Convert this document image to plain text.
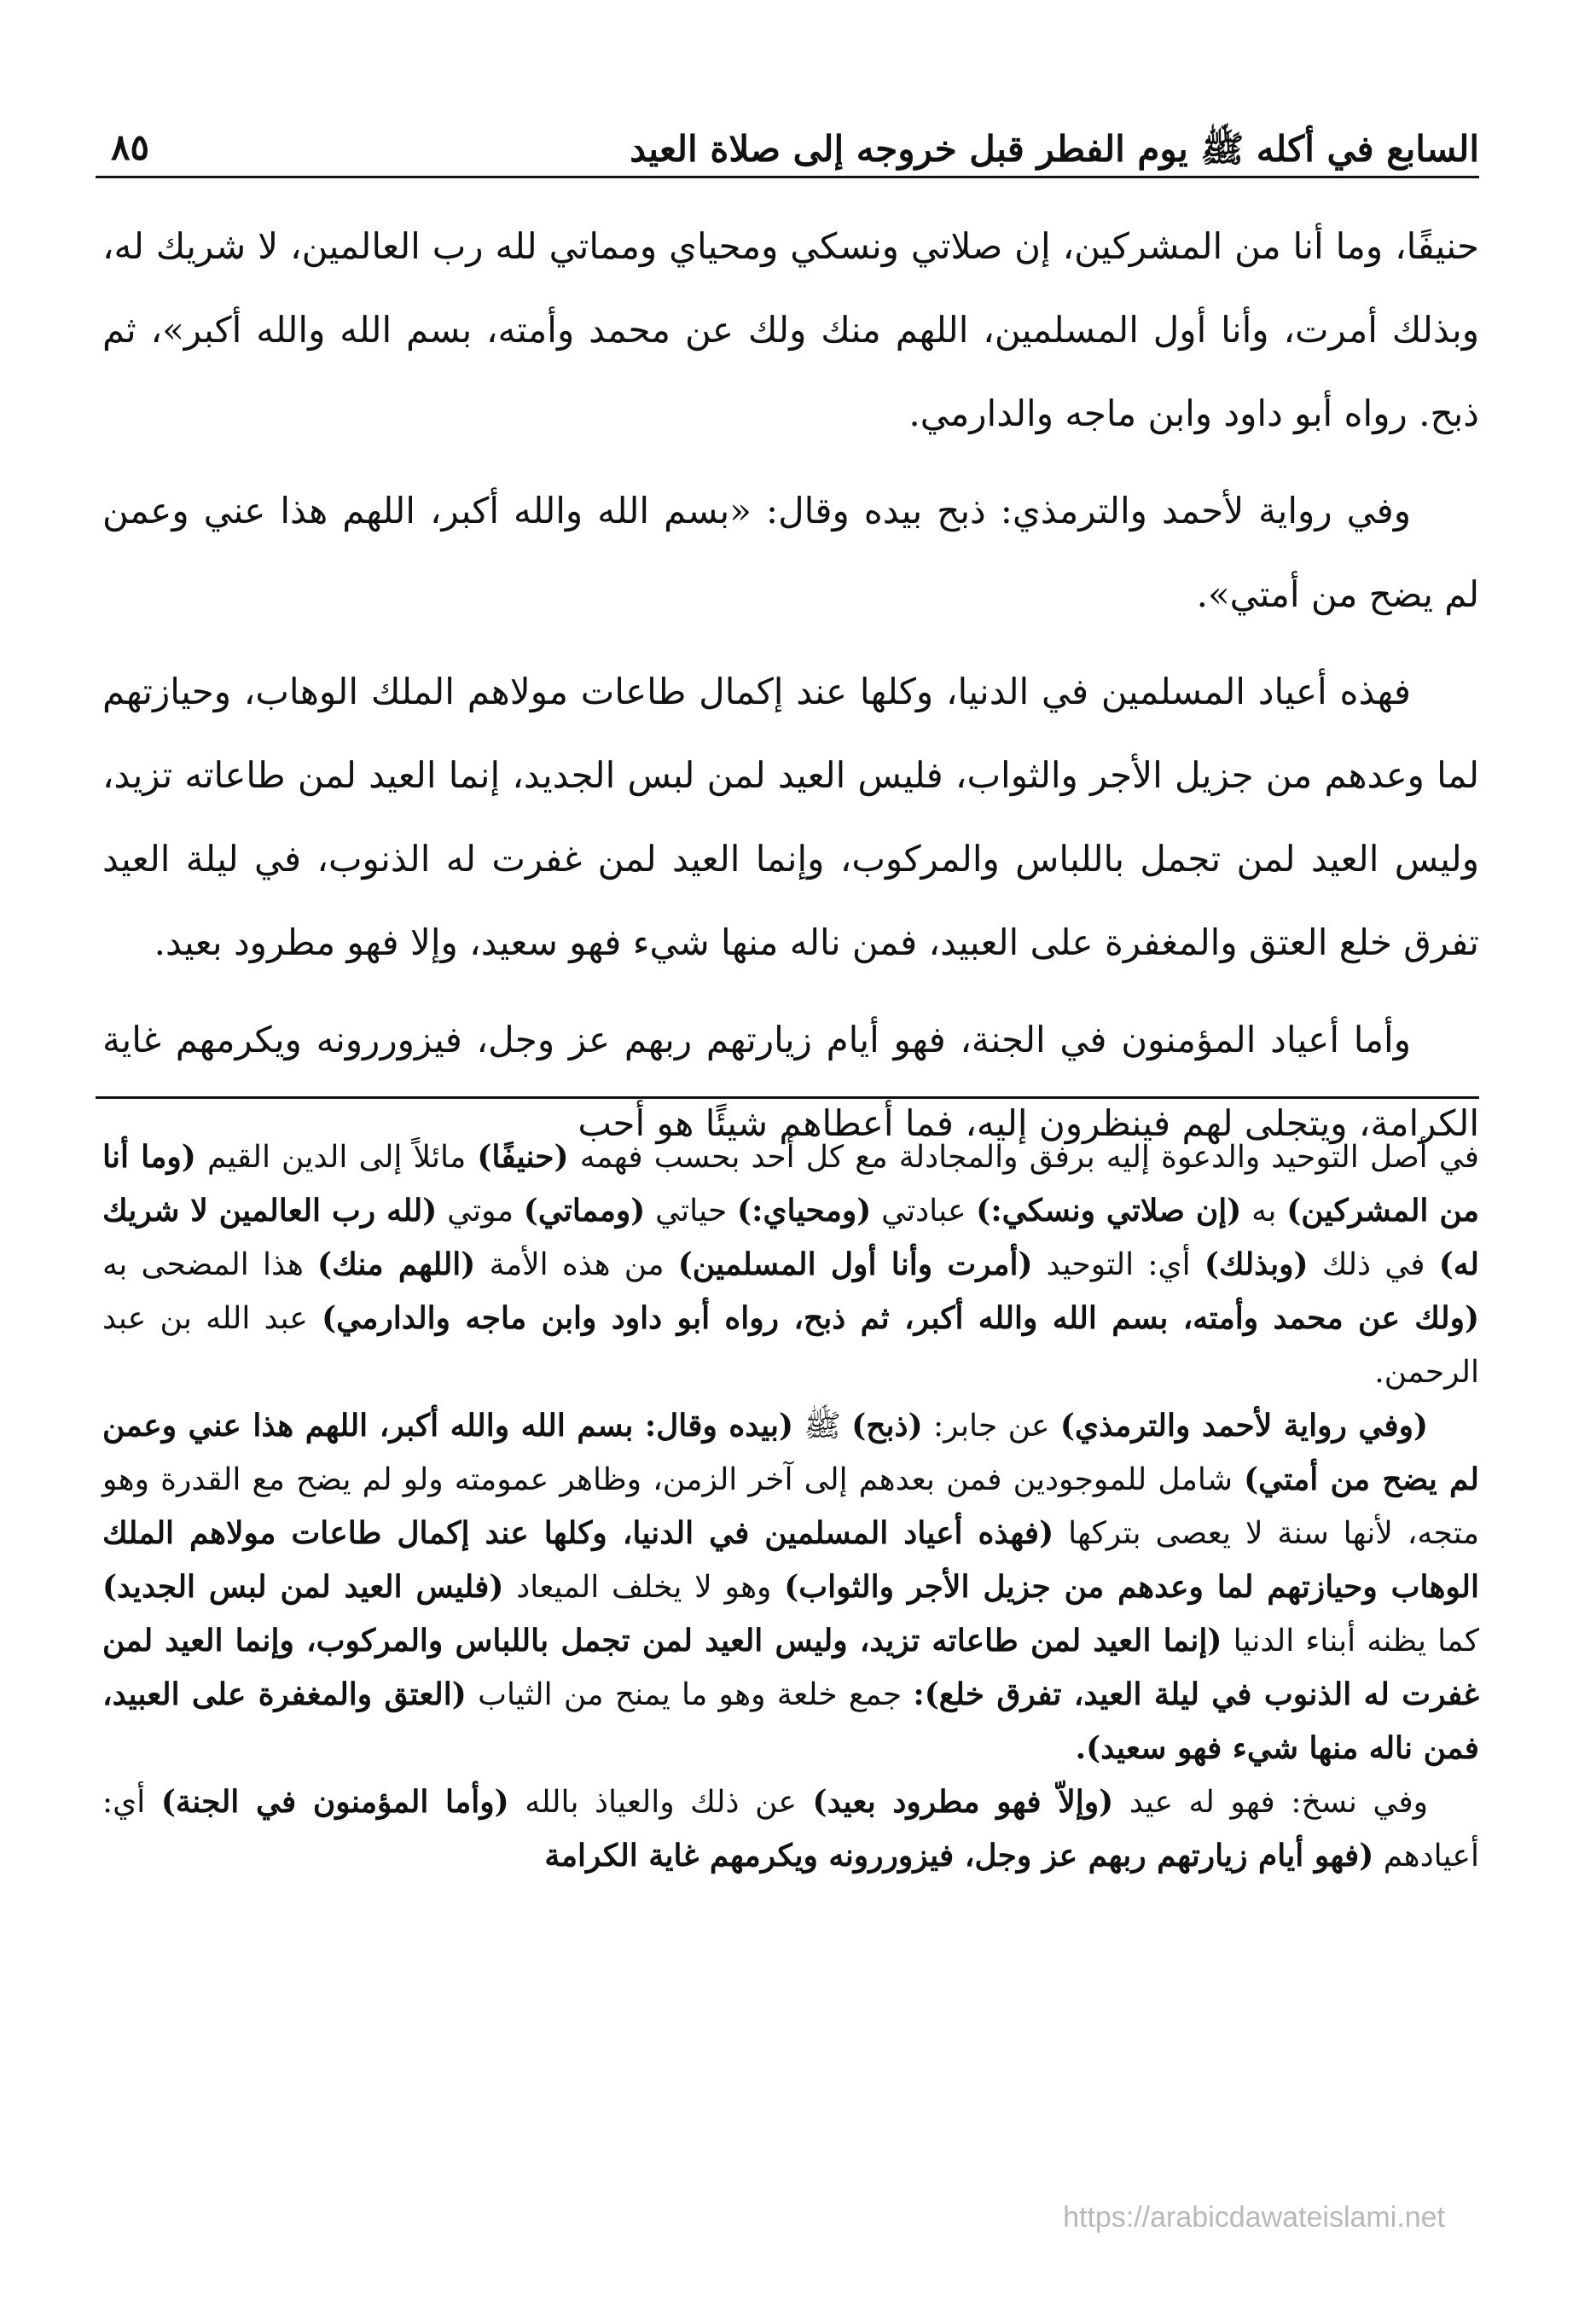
السابع في أكله ﷺ يوم الفطر قبل خروجه إلى صلاة العيد
٨٥

حنيفًا، وما أنا من المشركين، إن صلاتي ونسكي ومحياي ومماتي لله رب العالمين، لا شريك له، وبذلك أمرت، وأنا أول المسلمين، اللهم منك ولك عن محمد وأمته، بسم الله والله أكبر»، ثم ذبح. رواه أبو داود وابن ماجه والدارمي.

وفي رواية لأحمد والترمذي: ذبح بيده وقال: «بسم الله والله أكبر، اللهم هذا عني وعمن لم يضح من أمتي».

فهذه أعياد المسلمين في الدنيا، وكلها عند إكمال طاعات مولاهم الملك الوهاب، وحيازتهم لما وعدهم من جزيل الأجر والثواب، فليس العيد لمن لبس الجديد، إنما العيد لمن طاعاته تزيد، وليس العيد لمن تجمل باللباس والمركوب، وإنما العيد لمن غفرت له الذنوب، في ليلة العيد تفرق خلع العتق والمغفرة على العبيد، فمن ناله منها شيء فهو سعيد، وإلا فهو مطرود بعيد.

وأما أعياد المؤمنون في الجنة، فهو أيام زيارتهم ربهم عز وجل، فيزوررونه ويكرمهم غاية الكرامة، ويتجلى لهم فينظرون إليه، فما أعطاهم شيئًا هو أحب

في أصل التوحيد والدعوة إليه برفق والمجادلة مع كل أحد بحسب فهمه (حنيفًا) مائلاً إلى الدين القيم (وما أنا من المشركين) به (إن صلاتي ونسكي:) عبادتي (ومحياي:) حياتي (ومماتي) موتي (لله رب العالمين لا شريك له) في ذلك (وبذلك) أي: التوحيد (أمرت وأنا أول المسلمين) من هذه الأمة (اللهم منك) هذا المضحى به (ولك عن محمد وأمته، بسم الله والله أكبر، ثم ذبح، رواه أبو داود وابن ماجه والدارمي) عبد الله بن عبد الرحمن.

(وفي رواية لأحمد والترمذي) عن جابر: (ذبح) ﷺ (بيده وقال: بسم الله والله أكبر، اللهم هذا عني وعمن لم يضح من أمتي) شامل للموجودين فمن بعدهم إلى آخر الزمن، وظاهر عمومته ولو لم يضح مع القدرة وهو متجه، لأنها سنة لا يعصى بتركها (فهذه أعياد المسلمين في الدنيا، وكلها عند إكمال طاعات مولاهم الملك الوهاب وحيازتهم لما وعدهم من جزيل الأجر والثواب) وهو لا يخلف الميعاد (فليس العيد لمن لبس الجديد) كما يظنه أبناء الدنيا (إنما العيد لمن طاعاته تزيد، وليس العيد لمن تجمل باللباس والمركوب، وإنما العيد لمن غفرت له الذنوب في ليلة العيد، تفرق خلع): جمع خلعة وهو ما يمنح من الثياب (العتق والمغفرة على العبيد، فمن ناله منها شيء فهو سعيد).

وفي نسخ: فهو له عيد (وإلاّ فهو مطرود بعيد) عن ذلك والعياذ بالله (وأما المؤمنون في الجنة) أي: أعيادهم (فهو أيام زيارتهم ربهم عز وجل، فيزوررونه ويكرمهم غاية الكرامة

https://arabicdawateislami.net
